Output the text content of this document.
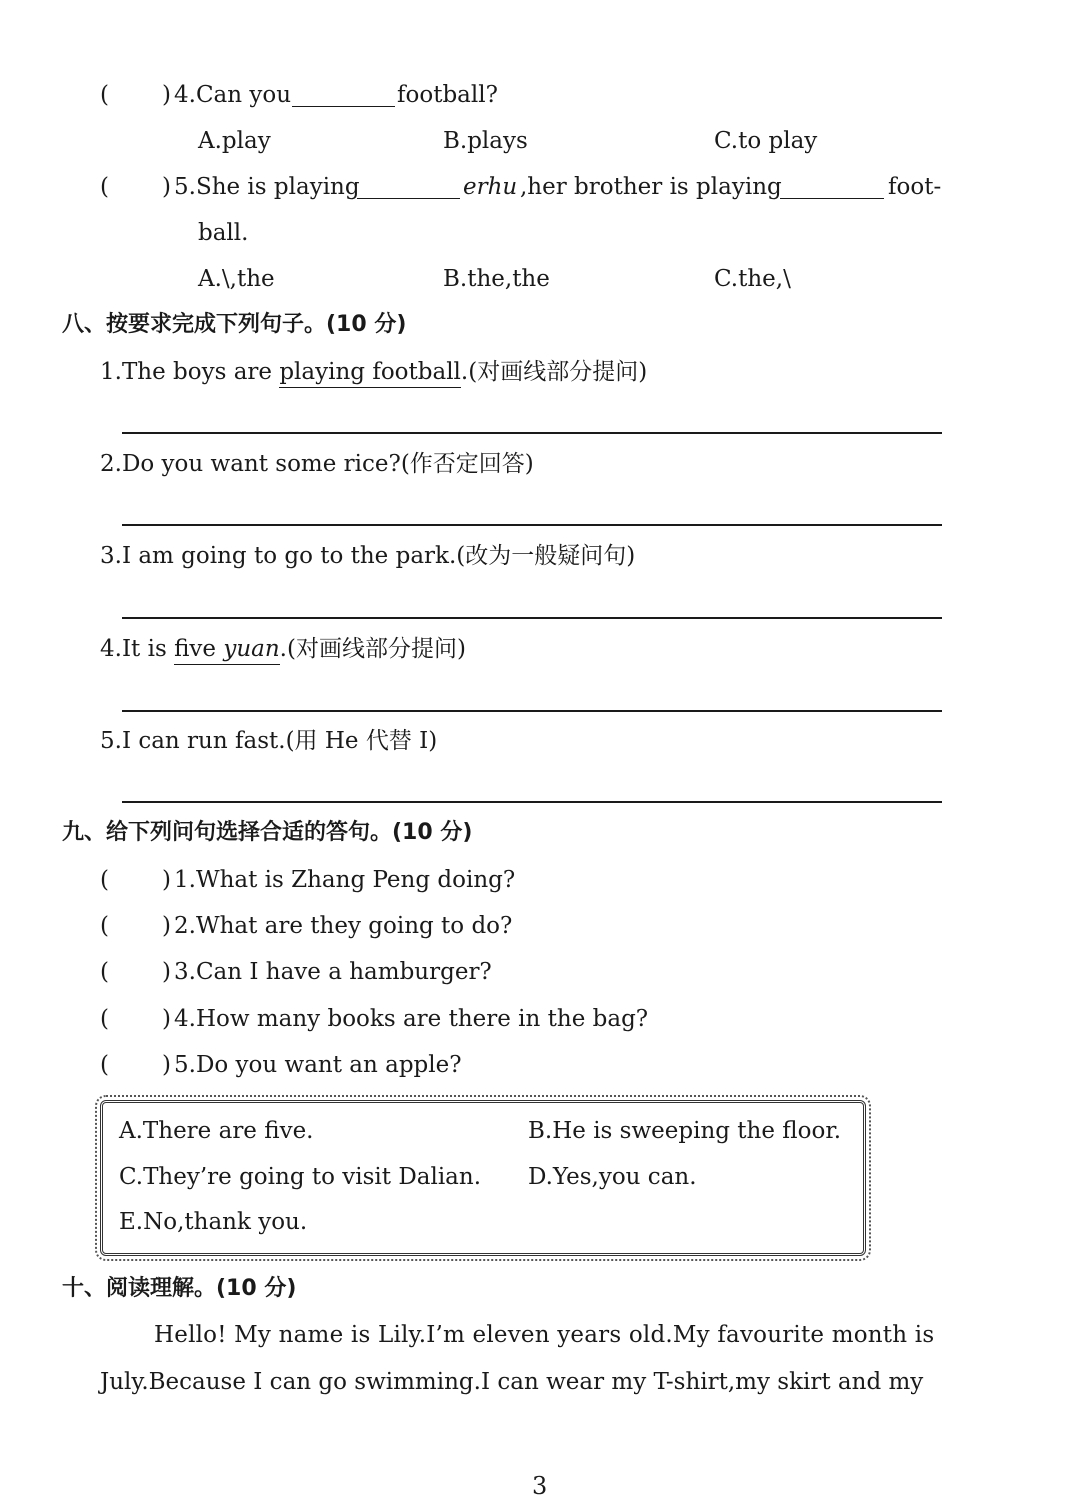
( ) 4.Can you	football?
A.play	B.plays	C.to play
( ) 5.She is playing	erhu ,her brother is playing	foot-
ball.
A.\,the	B.the,the	C.the,\
八、按要求完成下列句子。(10 分)
1.The boys are playing football.(对画线部分提问)
2.Do you want some rice?(作否定回答)
3.I am going to go to the park.(改为一般疑问句)
4.It is five yuan.(对画线部分提问)
5.I can run fast.(用 He 代替 I)
九、给下列问句选择合适的答句。(10 分)
( ) 1.What is Zhang Peng doing?
( ) 2.What are they going to do?
( ) 3.Can I have a hamburger?
( ) 4.How many books are there in the bag?
( ) 5.Do you want an apple?
A.There are five.	B.He is sweeping the floor.
C.They’re going to visit Dalian. D.Yes,you can.
E.No,thank you.
十、阅读理解。(10 分)
Hello! My name is Lily.I’m eleven years old.My favourite month is
July.Because I can go swimming.I can wear my T-shirt,my skirt and my
3
